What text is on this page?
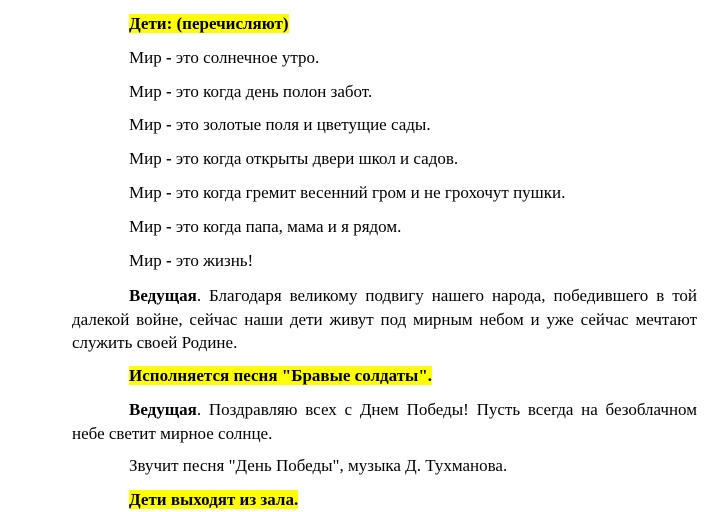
Дети: (перечисляют)
Мир - это солнечное утро.
Мир - это когда день полон забот.
Мир - это золотые поля и цветущие сады.
Мир - это когда открыты двери школ и садов.
Мир - это когда гремит весенний гром и не грохочут пушки.
Мир - это когда папа, мама и я рядом.
Мир - это жизнь!
Ведущая. Благодаря великому подвигу нашего народа, победившего в той далекой войне, сейчас наши дети живут под мирным небом и уже сейчас мечтают служить своей Родине.
Исполняется песня "Бравые солдаты".
Ведущая. Поздравляю всех с Днем Победы! Пусть всегда на безоблачном небе светит мирное солнце.
Звучит песня "День Победы", музыка Д. Тухманова.
Дети выходят из зала.
